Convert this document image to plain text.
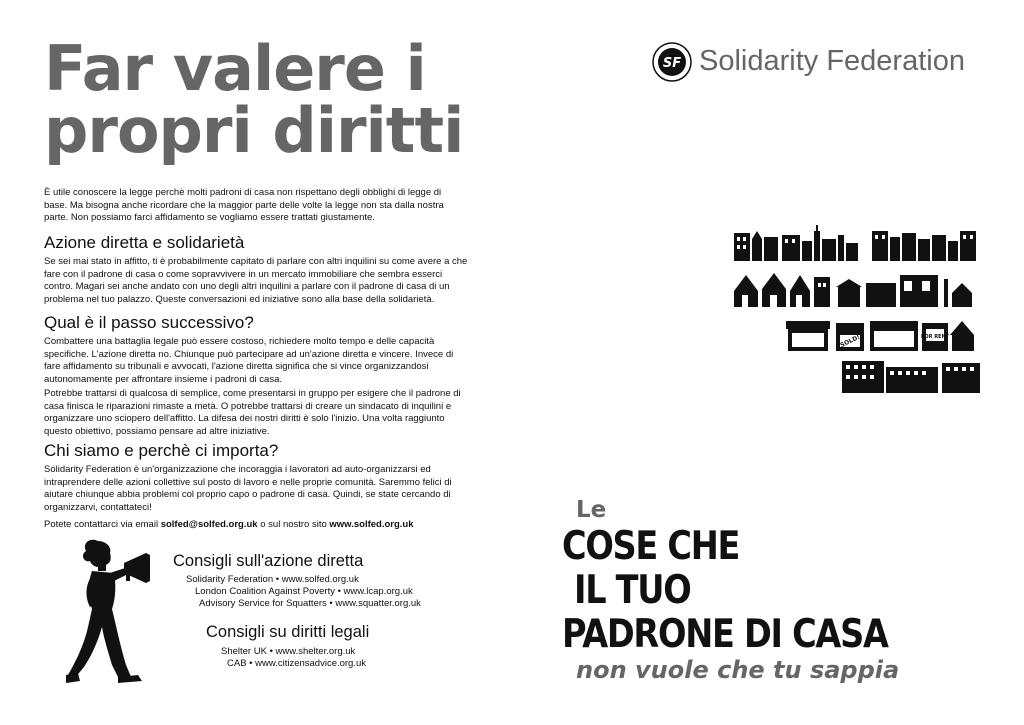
Far valere i
propri diritti

È utile conoscere la legge perchè molti padroni di casa non rispettano degli obblighi di legge di base. Ma bisogna anche ricordare che la maggior parte delle volte la legge non sta dalla nostra parte. Non possiamo farci affidamento se vogliamo essere trattati giustamente.

Azione diretta e solidarietà

Se sei mai stato in affitto, ti è probabilmente capitato di parlare con altri inquilini su come avere a che fare con il padrone di casa o come sopravvivere in un mercato immobiliare che sembra esserci contro. Magari sei anche andato con uno degli altri inquilini a parlare con il padrone di casa di un problema nel tuo palazzo. Queste conversazioni ed iniziative sono alla base della solidarietà.

Qual è il passo successivo?

Combattere una battaglia legale può essere costoso, richiedere molto tempo e delle capacità specifiche. L'azione diretta no. Chiunque può partecipare ad un'azione diretta e vincere. Invece di fare affidamento su tribunali e avvocati, l'azione diretta significa che si vince organizzandosi autonomamente per affrontare insieme i padroni di casa.

Potrebbe trattarsi di qualcosa di semplice, come presentarsi in gruppo per esigere che il padrone di casa finisca le riparazioni rimaste a metà. O potrebbe trattarsi di creare un sindacato di inquilini e organizzare uno sciopero dell'affitto. La difesa dei nostri diritti è solo l'inizio. Una volta raggiunto questo obiettivo, possiamo pensare ad altre iniziative.

Chi siamo e perchè ci importa?

Solidarity Federation è un'organizzazione che incoraggia i lavoratori ad auto-organizzarsi ed intraprendere delle azioni collettive sul posto di lavoro e nelle proprie comunità. Saremmo felici di aiutare chiunque abbia problemi col proprio capo o padrone di casa. Quindi, se state cercando di organizzarvi, contattateci!

Potete contattarci via email solfed@solfed.org.uk o sul nostro sito www.solfed.org.uk

Consigli sull'azione diretta
Solidarity Federation • www.solfed.org.uk
London Coalition Against Poverty • www.lcap.org.uk
Advisory Service for Squatters • www.squatter.org.uk
Consigli su diritti legali
Shelter UK • www.shelter.org.uk
CAB • www.citizensadvice.org.uk
SF Solidarity Federation
SOLD!	FOR RENT
Le
COSE CHE
IL TUO
PADRONE DI CASA
non vuole che tu sappia
